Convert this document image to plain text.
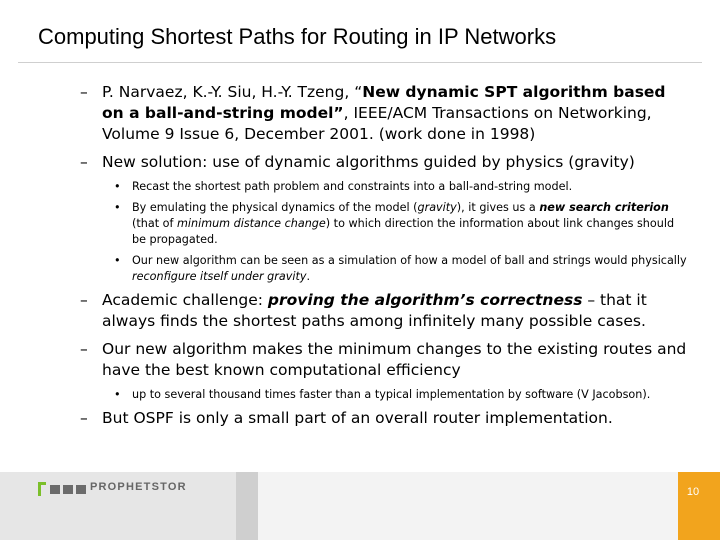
Computing Shortest Paths for Routing in IP Networks
– P. Narvaez, K.-Y. Siu, H.-Y. Tzeng, “New dynamic SPT algorithm based on a ball-and-string model”, IEEE/ACM Transactions on Networking, Volume 9 Issue 6, December 2001. (work done in 1998)
– New solution: use of dynamic algorithms guided by physics (gravity)
• Recast the shortest path problem and constraints into a ball-and-string model.
• By emulating the physical dynamics of the model (gravity), it gives us a new search criterion (that of minimum distance change) to which direction the information about link changes should be propagated.
• Our new algorithm can be seen as a simulation of how a model of ball and strings would physically reconfigure itself under gravity.
– Academic challenge: proving the algorithm’s correctness – that it always finds the shortest paths among infinitely many possible cases.
– Our new algorithm makes the minimum changes to the existing routes and have the best known computational efficiency
• up to several thousand times faster than a typical implementation by software (V Jacobson).
– But OSPF is only a small part of an overall router implementation.
PROPHETSTOR	10
